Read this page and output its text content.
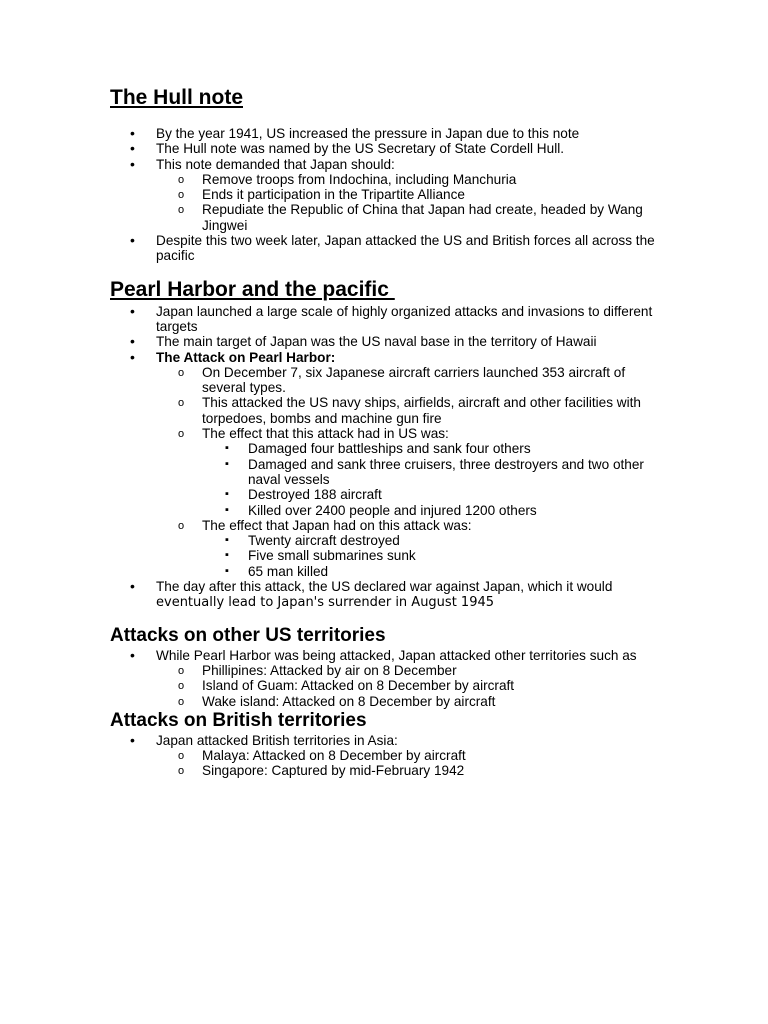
The Hull note
• By the year 1941, US increased the pressure in Japan due to this note
• The Hull note was named by the US Secretary of State Cordell Hull.
• This note demanded that Japan should:
o Remove troops from Indochina, including Manchuria
o Ends it participation in the Tripartite Alliance
o Repudiate the Republic of China that Japan had create, headed by Wang Jingwei
• Despite this two week later, Japan attacked the US and British forces all across the pacific
Pearl Harbor and the pacific
• Japan launched a large scale of highly organized attacks and invasions to different targets
• The main target of Japan was the US naval base in the territory of Hawaii
• The Attack on Pearl Harbor:
o On December 7, six Japanese aircraft carriers launched 353 aircraft of several types.
o This attacked the US navy ships, airfields, aircraft and other facilities with torpedoes, bombs and machine gun fire
o The effect that this attack had in US was:
▪ Damaged four battleships and sank four others
▪ Damaged and sank three cruisers, three destroyers and two other naval vessels
▪ Destroyed 188 aircraft
▪ Killed over 2400 people and injured 1200 others
o The effect that Japan had on this attack was:
▪ Twenty aircraft destroyed
▪ Five small submarines sunk
▪ 65 man killed
• The day after this attack, the US declared war against Japan, which it would
eventually lead to Japan's surrender in August 1945
Attacks on other US territories
• While Pearl Harbor was being attacked, Japan attacked other territories such as
o Phillipines: Attacked by air on 8 December
o Island of Guam: Attacked on 8 December by aircraft
o Wake island: Attacked on 8 December by aircraft
Attacks on British territories
• Japan attacked British territories in Asia:
o Malaya: Attacked on 8 December by aircraft
o Singapore: Captured by mid-February 1942
